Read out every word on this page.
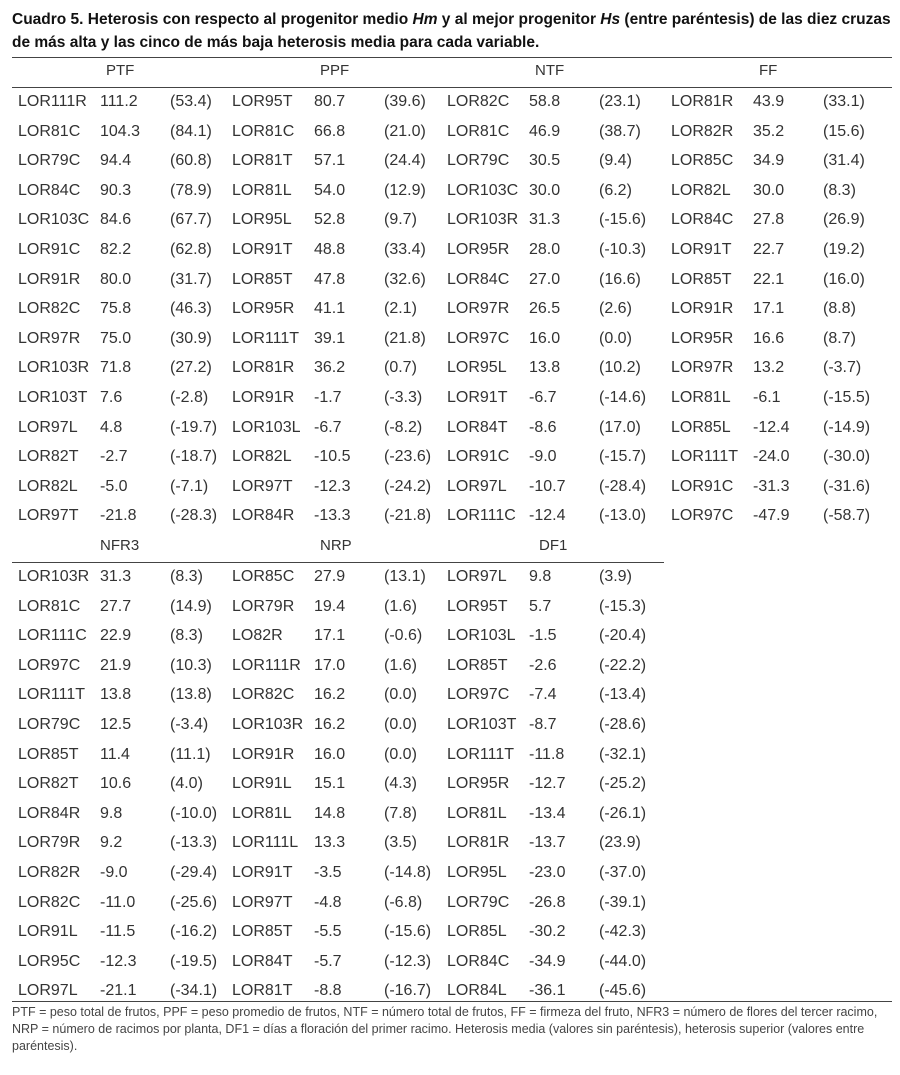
Cuadro 5. Heterosis con respecto al progenitor medio Hm y al mejor progenitor Hs (entre paréntesis) de las diez cruzas de más alta y las cinco de más baja heterosis media para cada variable.
PTF	PPF	NTF	FF
LOR111R 111.2 (53.4) LOR95T 80.7 (39.6) LOR82C 58.8 (23.1) LOR81R 43.9 (33.1)
LOR81C 104.3 (84.1) LOR81C 66.8 (21.0) LOR81C 46.9 (38.7) LOR82R 35.2 (15.6)
LOR79C 94.4 (60.8) LOR81T 57.1 (24.4) LOR79C 30.5 (9.4) LOR85C 34.9 (31.4)
LOR84C 90.3 (78.9) LOR81L 54.0 (12.9) LOR103C 30.0 (6.2) LOR82L 30.0 (8.3)
LOR103C 84.6 (67.7) LOR95L 52.8 (9.7) LOR103R 31.3 (-15.6) LOR84C 27.8 (26.9)
LOR91C 82.2 (62.8) LOR91T 48.8 (33.4) LOR95R 28.0 (-10.3) LOR91T 22.7 (19.2)
LOR91R 80.0 (31.7) LOR85T 47.8 (32.6) LOR84C 27.0 (16.6) LOR85T 22.1 (16.0)
LOR82C 75.8 (46.3) LOR95R 41.1 (2.1) LOR97R 26.5 (2.6) LOR91R 17.1 (8.8)
LOR97R 75.0 (30.9) LOR111T 39.1 (21.8) LOR97C 16.0 (0.0) LOR95R 16.6 (8.7)
LOR103R 71.8 (27.2) LOR81R 36.2 (0.7) LOR95L 13.8 (10.2) LOR97R 13.2 (-3.7)
LOR103T 7.6	(-2.8) LOR91R -1.7	(-3.3) LOR91T -6.7	(-14.6) LOR81L -6.1	(-15.5)
LOR97L 4.8	(-19.7) LOR103L -6.7	(-8.2) LOR84T -8.6	(17.0) LOR85L -12.4 (-14.9)
LOR82T -2.7	(-18.7) LOR82L -10.5 (-23.6) LOR91C -9.0	(-15.7) LOR111T -24.0 (-30.0)
LOR82L -5.0	(-7.1) LOR97T -12.3 (-24.2) LOR97L -10.7 (-28.4) LOR91C -31.3 (-31.6)
LOR97T -21.8 (-28.3) LOR84R -13.3 (-21.8) LOR111C -12.4 (-13.0) LOR97C -47.9 (-58.7)
NFR3	NRP	DF1
LOR103R 31.3 (8.3) LOR85C 27.9 (13.1) LOR97L 9.8	(3.9)
LOR81C 27.7 (14.9) LOR79R 19.4 (1.6) LOR95T 5.7	(-15.3)
LOR111C 22.9 (8.3) LO82R 17.1 (-0.6) LOR103L -1.5	(-20.4)
LOR97C 21.9 (10.3) LOR111R 17.0 (1.6) LOR85T -2.6	(-22.2)
LOR111T 13.8 (13.8) LOR82C 16.2 (0.0) LOR97C -7.4	(-13.4)
LOR79C 12.5 (-3.4) LOR103R 16.2 (0.0) LOR103T -8.7	(-28.6)
LOR85T 11.4	(11.1) LOR91R 16.0 (0.0) LOR111T -11.8 (-32.1)
LOR82T 10.6 (4.0) LOR91L 15.1 (4.3) LOR95R -12.7 (-25.2)
LOR84R 9.8	(-10.0) LOR81L 14.8 (7.8) LOR81L -13.4 (-26.1)
LOR79R 9.2	(-13.3) LOR111L 13.3 (3.5) LOR81R -13.7 (23.9)
LOR82R -9.0	(-29.4) LOR91T -3.5	(-14.8) LOR95L -23.0 (-37.0)
LOR82C -11.0 (-25.6) LOR97T -4.8	(-6.8) LOR79C -26.8 (-39.1)
LOR91L -11.5 (-16.2) LOR85T -5.5	(-15.6) LOR85L -30.2 (-42.3)
LOR95C -12.3 (-19.5) LOR84T -5.7	(-12.3) LOR84C -34.9 (-44.0)
LOR97L -21.1 (-34.1) LOR81T -8.8	(-16.7) LOR84L -36.1 (-45.6)
PTF = peso total de frutos, PPF = peso promedio de frutos, NTF = número total de frutos, FF = firmeza del fruto, NFR3 = número de flores del tercer racimo, NRP = número de racimos por planta, DF1 = días a floración del primer racimo. Heterosis media (valores sin paréntesis), heterosis superior (valores entre paréntesis).
